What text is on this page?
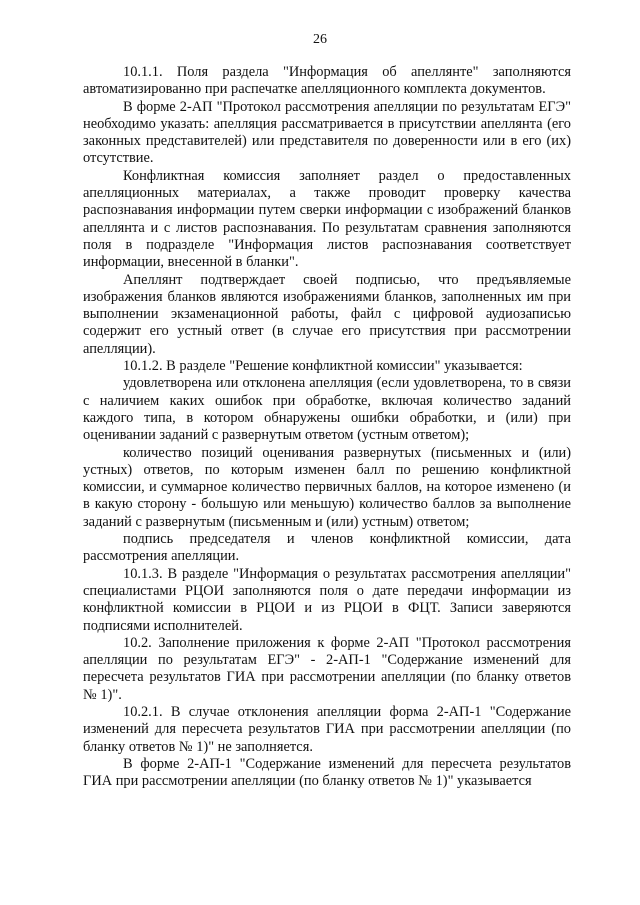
26

10.1.1. Поля раздела "Информация об апеллянте" заполняются автоматизированно при распечатке апелляционного комплекта документов.

В форме 2-АП "Протокол рассмотрения апелляции по результатам ЕГЭ" необходимо указать: апелляция рассматривается в присутствии апеллянта (его законных представителей) или представителя по доверенности или в его (их) отсутствие.

Конфликтная комиссия заполняет раздел о предоставленных апелляционных материалах, а также проводит проверку качества распознавания информации путем сверки информации с изображений бланков апеллянта и с листов распознавания. По результатам сравнения заполняются поля в подразделе "Информация листов распознавания соответствует информации, внесенной в бланки".

Апеллянт подтверждает своей подписью, что предъявляемые изображения бланков являются изображениями бланков, заполненных им при выполнении экзаменационной работы, файл с цифровой аудиозаписью содержит его устный ответ (в случае его присутствия при рассмотрении апелляции).

10.1.2. В разделе "Решение конфликтной комиссии" указывается:

удовлетворена или отклонена апелляция (если удовлетворена, то в связи с наличием каких ошибок при обработке, включая количество заданий каждого типа, в котором обнаружены ошибки обработки, и (или) при оценивании заданий с развернутым ответом (устным ответом);

количество позиций оценивания развернутых (письменных и (или) устных) ответов, по которым изменен балл по решению конфликтной комиссии, и суммарное количество первичных баллов, на которое изменено (и в какую сторону - большую или меньшую) количество баллов за выполнение заданий с развернутым (письменным и (или) устным) ответом;

подпись председателя и членов конфликтной комиссии, дата рассмотрения апелляции.

10.1.3. В разделе "Информация о результатах рассмотрения апелляции" специалистами РЦОИ заполняются поля о дате передачи информации из конфликтной комиссии в РЦОИ и из РЦОИ в ФЦТ. Записи заверяются подписями исполнителей.

10.2. Заполнение приложения к форме 2-АП "Протокол рассмотрения апелляции по результатам ЕГЭ" - 2-АП-1 "Содержание изменений для пересчета результатов ГИА при рассмотрении апелляции (по бланку ответов № 1)".

10.2.1. В случае отклонения апелляции форма 2-АП-1 "Содержание изменений для пересчета результатов ГИА при рассмотрении апелляции (по бланку ответов № 1)" не заполняется.

В форме 2-АП-1 "Содержание изменений для пересчета результатов ГИА при рассмотрении апелляции (по бланку ответов № 1)" указывается
